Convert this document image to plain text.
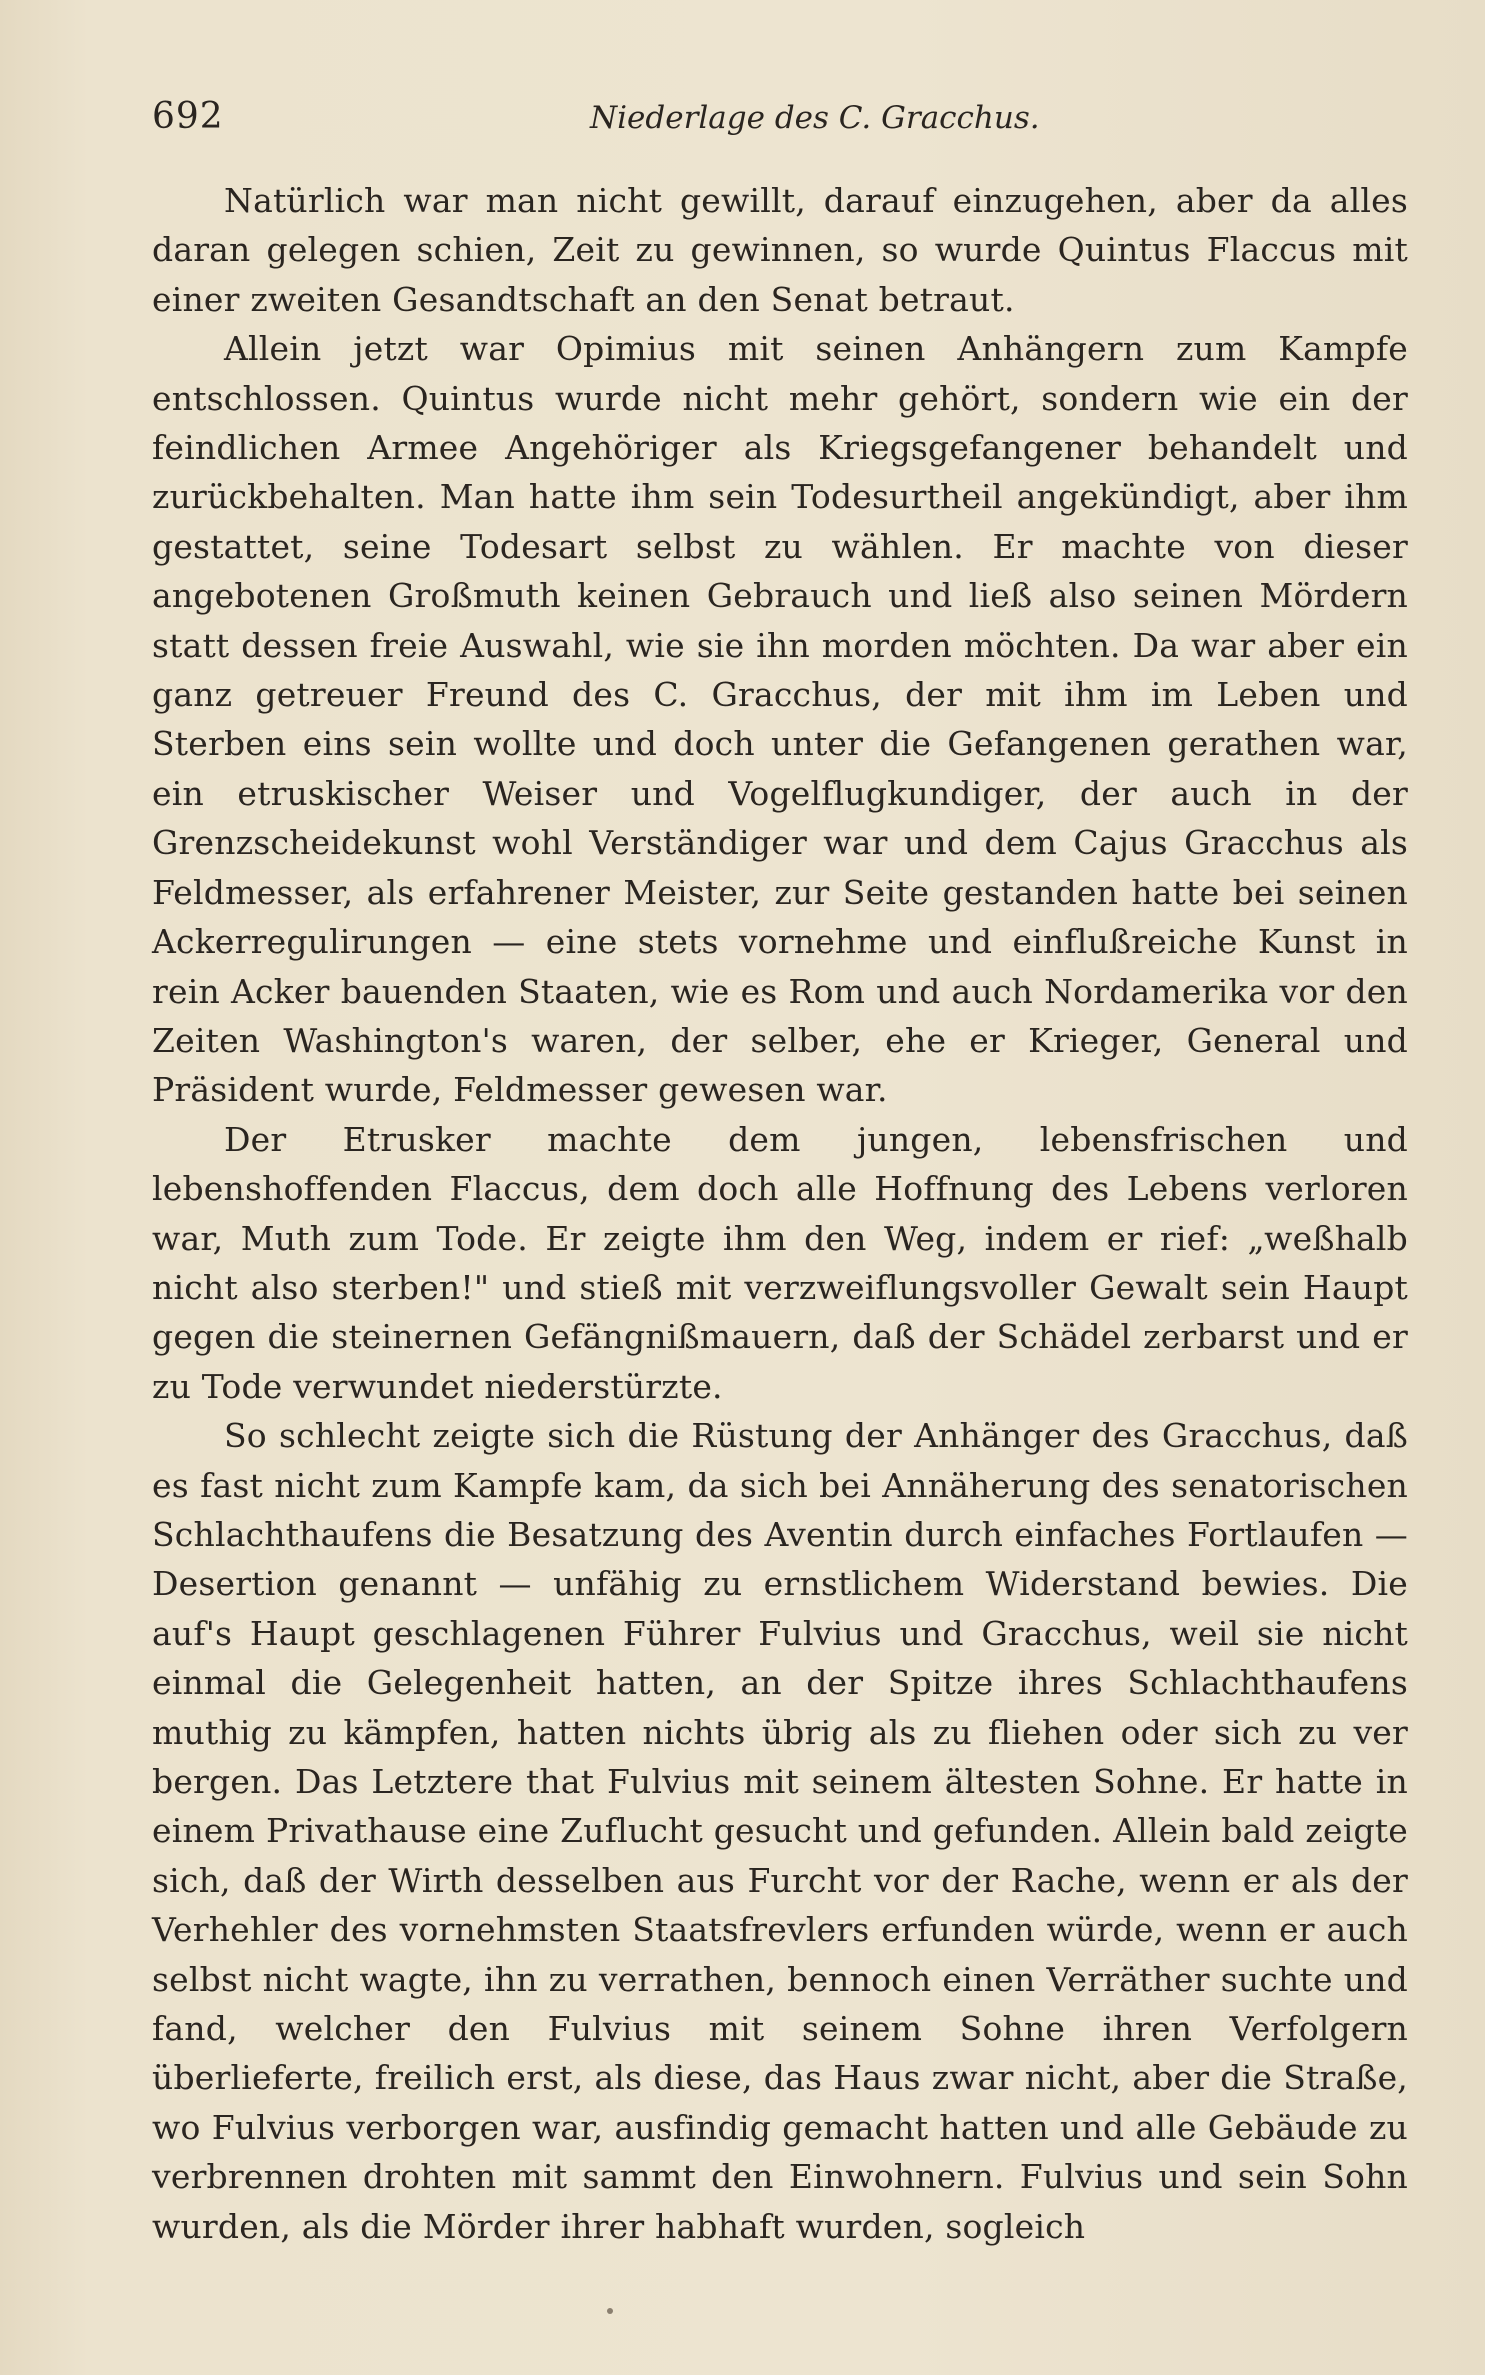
692	Niederlage des C. Gracchus.

Natürlich war man nicht gewillt, darauf einzugehen, aber da alles daran gelegen schien, Zeit zu gewinnen, so wurde Quintus Flaccus mit einer zweiten Gesandtschaft an den Senat betraut.

Allein jetzt war Opimius mit seinen Anhängern zum Kampfe entschlossen. Quintus wurde nicht mehr gehört, sondern wie ein der feindlichen Armee Angehöriger als Kriegsgefangener behandelt und zurückbehalten. Man hatte ihm sein Todesurtheil angekündigt, aber ihm gestattet, seine Todesart selbst zu wählen. Er machte von dieser angebotenen Großmuth keinen Gebrauch und ließ also seinen Mördern statt dessen freie Auswahl, wie sie ihn morden möchten. Da war aber ein ganz getreuer Freund des C. Gracchus, der mit ihm im Leben und Sterben eins sein wollte und doch unter die Gefangenen gerathen war, ein etruskischer Weiser und Vogelflugkundiger, der auch in der Grenzscheidekunst wohl Verständiger war und dem Cajus Gracchus als Feldmesser, als erfahrener Meister, zur Seite gestanden hatte bei seinen Ackerregulirungen — eine stets vornehme und einflußreiche Kunst in rein Acker bauenden Staaten, wie es Rom und auch Nordamerika vor den Zeiten Washington's waren, der selber, ehe er Krieger, General und Präsident wurde, Feldmesser gewesen war.

Der Etrusker machte dem jungen, lebensfrischen und lebenshoffenden Flaccus, dem doch alle Hoffnung des Lebens verloren war, Muth zum Tode. Er zeigte ihm den Weg, indem er rief: „weßhalb nicht also sterben!" und stieß mit verzweiflungsvoller Gewalt sein Haupt gegen die steinernen Gefängnißmauern, daß der Schädel zerbarst und er zu Tode verwundet niederstürzte.

So schlecht zeigte sich die Rüstung der Anhänger des Gracchus, daß es fast nicht zum Kampfe kam, da sich bei Annäherung des senatorischen Schlachthaufens die Besatzung des Aventin durch einfaches Fortlaufen — Desertion genannt — unfähig zu ernstlichem Widerstand bewies. Die auf's Haupt geschlagenen Führer Fulvius und Gracchus, weil sie nicht einmal die Gelegenheit hatten, an der Spitze ihres Schlachthaufens muthig zu kämpfen, hatten nichts übrig als zu fliehen oder sich zu ver bergen. Das Letztere that Fulvius mit seinem ältesten Sohne. Er hatte in einem Privathause eine Zuflucht gesucht und gefunden. Allein bald zeigte sich, daß der Wirth desselben aus Furcht vor der Rache, wenn er als der Verhehler des vornehmsten Staatsfrevlers erfunden würde, wenn er auch selbst nicht wagte, ihn zu verrathen, bennoch einen Verräther suchte und fand, welcher den Fulvius mit seinem Sohne ihren Verfolgern überlieferte, freilich erst, als diese, das Haus zwar nicht, aber die Straße, wo Fulvius verborgen war, ausfindig gemacht hatten und alle Gebäude zu verbrennen drohten mit sammt den Einwohnern. Fulvius und sein Sohn wurden, als die Mörder ihrer habhaft wurden, sogleich
